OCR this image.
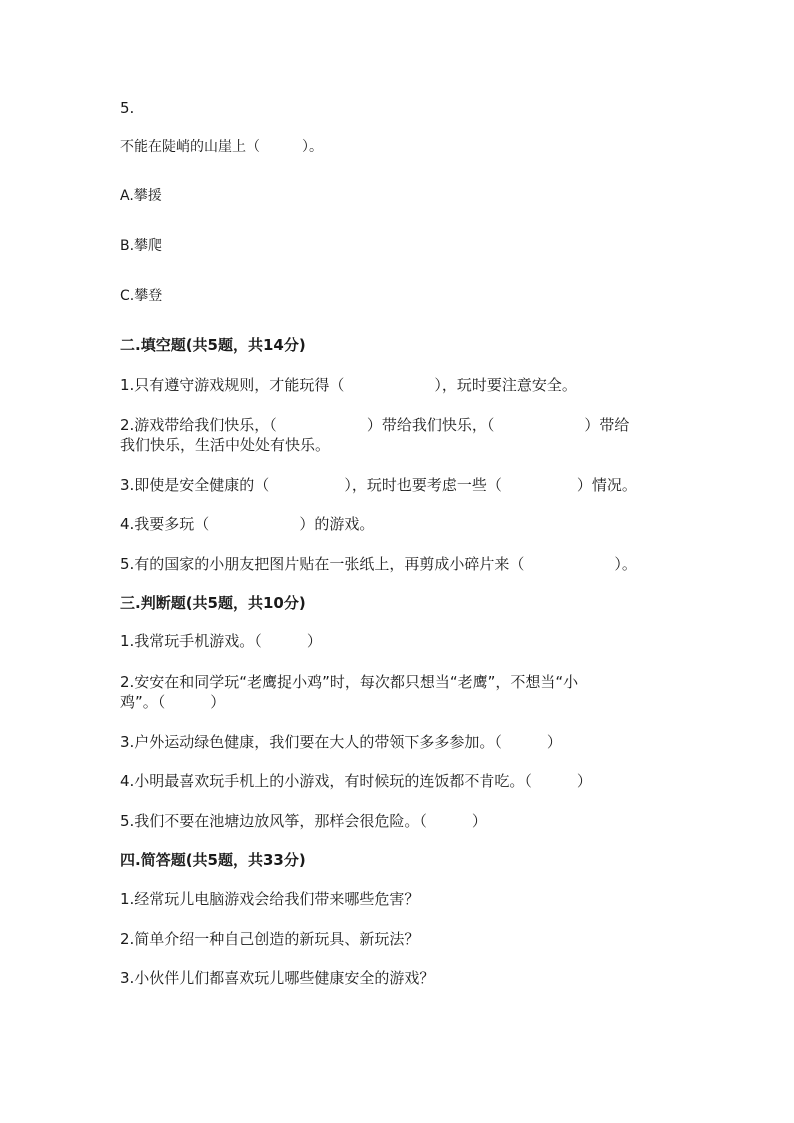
5.
不能在陡峭的山崖上（　　　）。
A.攀援
B.攀爬
C.攀登
二.填空题(共5题，共14分)
1.只有遵守游戏规则，才能玩得（　　　　　　），玩时要注意安全。
2.游戏带给我们快乐，（　　　　　　）带给我们快乐，（　　　　　　）带给
我们快乐，生活中处处有快乐。
3.即使是安全健康的（　　　　　），玩时也要考虑一些（　　　　　）情况。
4.我要多玩（　　　　　　）的游戏。
5.有的国家的小朋友把图片贴在一张纸上，再剪成小碎片来（　　　　　　）。
三.判断题(共5题，共10分)
1.我常玩手机游戏。（　　　）
2.安安在和同学玩“老鹰捉小鸡”时，每次都只想当“老鹰”，不想当“小
鸡”。（　　　）
3.户外运动绿色健康，我们要在大人的带领下多多参加。（　　　）
4.小明最喜欢玩手机上的小游戏，有时候玩的连饭都不肯吃。（　　　）
5.我们不要在池塘边放风筝，那样会很危险。（　　　）
四.简答题(共5题，共33分)
1.经常玩儿电脑游戏会给我们带来哪些危害？
2.简单介绍一种自己创造的新玩具、新玩法？
3.小伙伴儿们都喜欢玩儿哪些健康安全的游戏？
